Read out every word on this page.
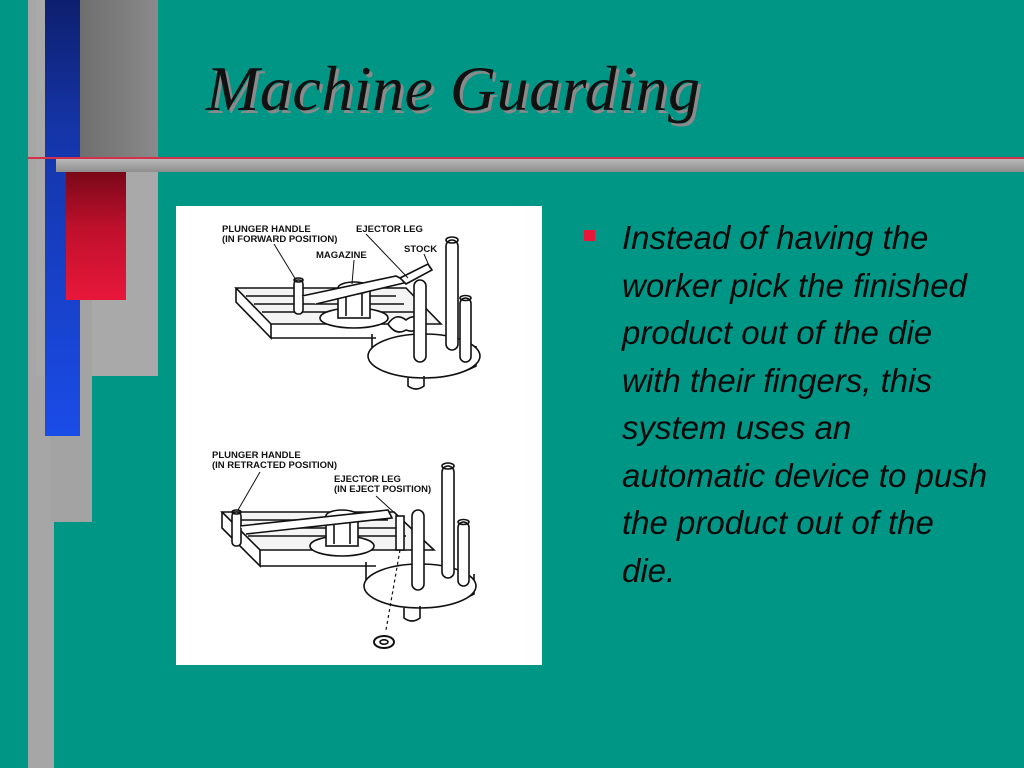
Machine Guarding
PLUNGER HANDLE
(IN FORWARD POSITION)
EJECTOR LEG
MAGAZINE
STOCK
PLUNGER HANDLE
(IN RETRACTED POSITION)
EJECTOR LEG
(IN EJECT POSITION)

Instead of having the worker pick the finished product out of the die with their fingers, this system uses an automatic device to push the product out of the die.
